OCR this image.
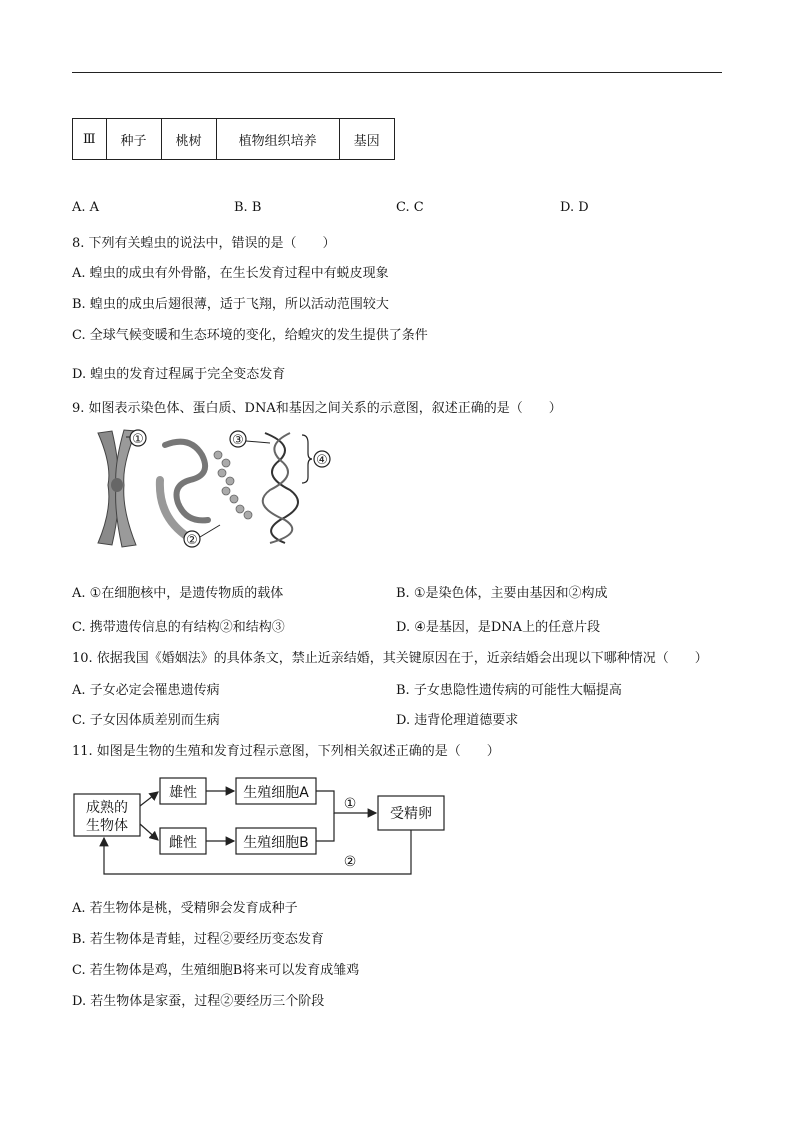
Ⅲ	种子	桃树	植物组织培养	基因
A. A	B. B	C. C	D. D
8. 下列有关蝗虫的说法中，错误的是（　　）
A. 蝗虫的成虫有外骨骼，在生长发育过程中有蜕皮现象
B. 蝗虫的成虫后翅很薄，适于飞翔，所以活动范围较大
C. 全球气候变暖和生态环境的变化，给蝗灾的发生提供了条件
D. 蝗虫的发育过程属于完全变态发育
9. 如图表示染色体、蛋白质、DNA和基因之间关系的示意图，叙述正确的是（　　）
①
②
③
④
A. ①在细胞核中，是遗传物质的载体	B. ①是染色体，主要由基因和②构成
C. 携带遗传信息的有结构②和结构③	D. ④是基因，是DNA上的任意片段
10. 依据我国《婚姻法》的具体条文，禁止近亲结婚，其关键原因在于，近亲结婚会出现以下哪种情况（　　）
A. 子女必定会罹患遗传病	B. 子女患隐性遗传病的可能性大幅提高
C. 子女因体质差别而生病	D. 违背伦理道德要求
11. 如图是生物的生殖和发育过程示意图，下列相关叙述正确的是（　　）
成熟的
生物体
雄性
雌性
生殖细胞A
生殖细胞B
受精卵
①
②
A. 若生物体是桃，受精卵会发育成种子
B. 若生物体是青蛙，过程②要经历变态发育
C. 若生物体是鸡，生殖细胞B将来可以发育成雏鸡
D. 若生物体是家蚕，过程②要经历三个阶段
